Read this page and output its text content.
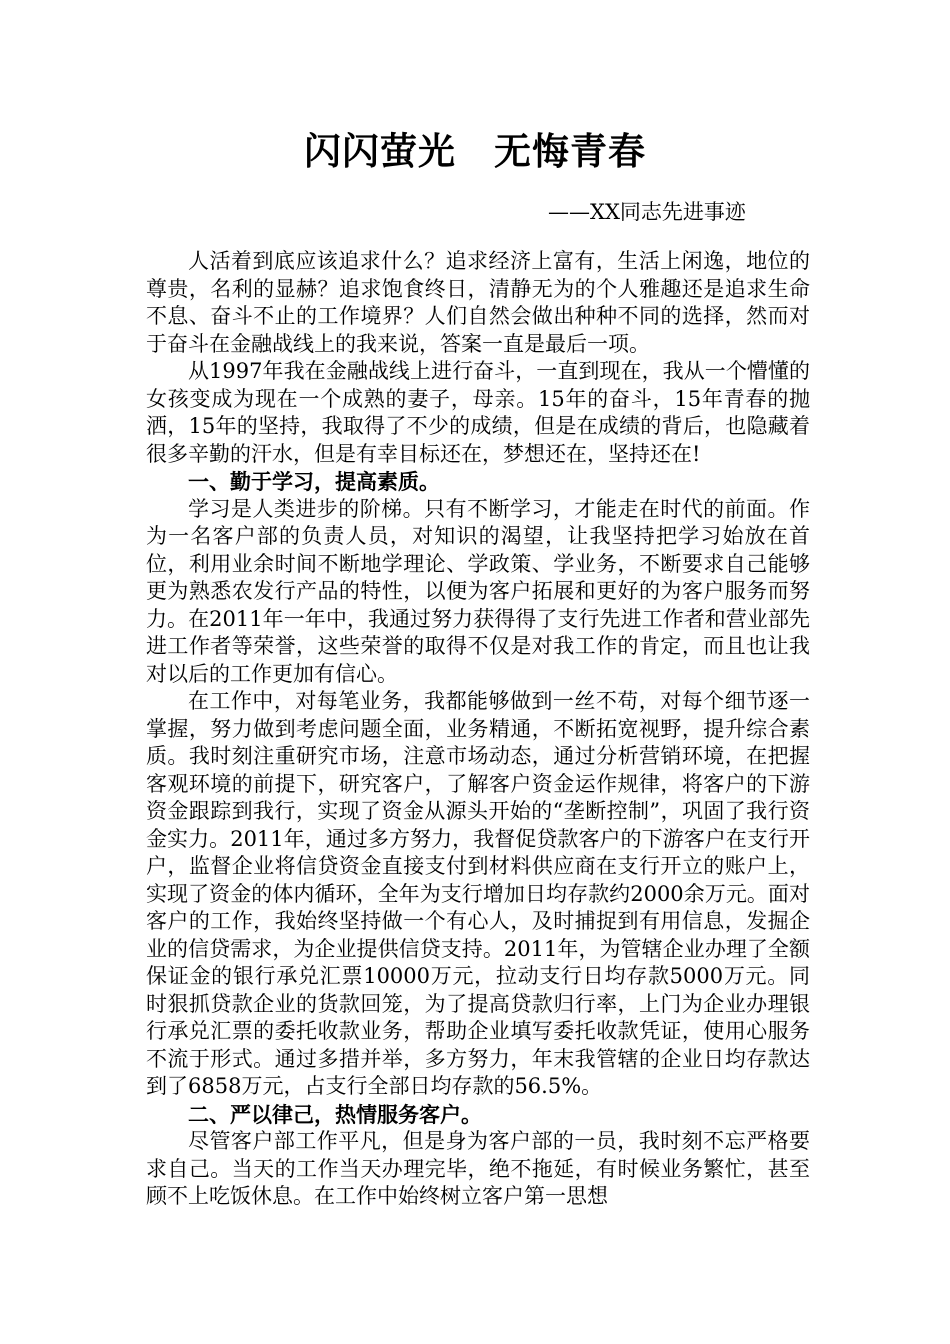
闪闪萤光　无悔青春
——XX同志先进事迹

人活着到底应该追求什么？追求经济上富有，生活上闲逸，地位的尊贵，名利的显赫？追求饱食终日，清静无为的个人雅趣还是追求生命不息、奋斗不止的工作境界？人们自然会做出种种不同的选择，然而对于奋斗在金融战线上的我来说，答案一直是最后一项。

从1997年我在金融战线上进行奋斗，一直到现在，我从一个懵懂的女孩变成为现在一个成熟的妻子，母亲。15年的奋斗，15年青春的抛洒，15年的坚持，我取得了不少的成绩，但是在成绩的背后，也隐藏着很多辛勤的汗水，但是有幸目标还在，梦想还在，坚持还在!

一、勤于学习，提高素质。

学习是人类进步的阶梯。只有不断学习，才能走在时代的前面。作为一名客户部的负责人员，对知识的渴望，让我坚持把学习始放在首位，利用业余时间不断地学理论、学政策、学业务，不断要求自己能够更为熟悉农发行产品的特性，以便为客户拓展和更好的为客户服务而努力。在2011年一年中，我通过努力获得得了支行先进工作者和营业部先进工作者等荣誉，这些荣誉的取得不仅是对我工作的肯定，而且也让我对以后的工作更加有信心。

在工作中，对每笔业务，我都能够做到一丝不苟，对每个细节逐一掌握，努力做到考虑问题全面，业务精通，不断拓宽视野，提升综合素质。我时刻注重研究市场，注意市场动态，通过分析营销环境，在把握客观环境的前提下，研究客户，了解客户资金运作规律，将客户的下游资金跟踪到我行，实现了资金从源头开始的“垄断控制”，巩固了我行资金实力。2011年，通过多方努力，我督促贷款客户的下游客户在支行开户，监督企业将信贷资金直接支付到材料供应商在支行开立的账户上，实现了资金的体内循环，全年为支行增加日均存款约2000余万元。面对客户的工作，我始终坚持做一个有心人，及时捕捉到有用信息，发掘企业的信贷需求，为企业提供信贷支持。2011年，为管辖企业办理了全额保证金的银行承兑汇票10000万元，拉动支行日均存款5000万元。同时狠抓贷款企业的货款回笼，为了提高贷款归行率，上门为企业办理银行承兑汇票的委托收款业务，帮助企业填写委托收款凭证，使用心服务不流于形式。通过多措并举，多方努力，年末我管辖的企业日均存款达到了6858万元，占支行全部日均存款的56.5%。

二、严以律己，热情服务客户。

尽管客户部工作平凡，但是身为客户部的一员，我时刻不忘严格要求自己。当天的工作当天办理完毕，绝不拖延，有时候业务繁忙，甚至顾不上吃饭休息。在工作中始终树立客户第一思想
